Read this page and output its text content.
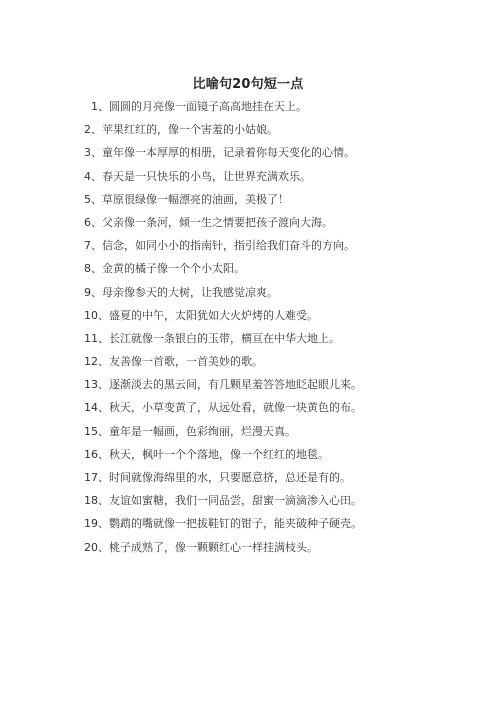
比喻句20句短一点
1、圆圆的月亮像一面镜子高高地挂在天上。
2、苹果红红的，像一个害羞的小姑娘。
3、童年像一本厚厚的相册，记录着你每天变化的心情。
4、春天是一只快乐的小鸟，让世界充满欢乐。
5、草原很绿像一幅漂亮的油画，美极了！
6、父亲像一条河，倾一生之情要把孩子渡向大海。
7、信念，如同小小的指南针，指引给我们奋斗的方向。
8、金黄的橘子像一个个小太阳。
9、母亲像参天的大树，让我感觉凉爽。
10、盛夏的中午，太阳犹如大火炉烤的人难受。
11、长江就像一条银白的玉带，横亘在中华大地上。
12、友善像一首歌，一首美妙的歌。
13、逐渐淡去的黑云间，有几颗星羞答答地眨起眼儿来。
14、秋天，小草变黄了，从远处看，就像一块黄色的布。
15、童年是一幅画，色彩绚丽，烂漫天真。
16、秋天，枫叶一个个落地，像一个红红的地毯。
17、时间就像海绵里的水，只要愿意挤，总还是有的。
18、友谊如蜜糖，我们一同品尝，甜蜜一滴滴渗入心田。
19、鹦鹉的嘴就像一把拔鞋钉的钳子，能夹破种子硬壳。
20、桃子成熟了，像一颗颗红心一样挂满枝头。
